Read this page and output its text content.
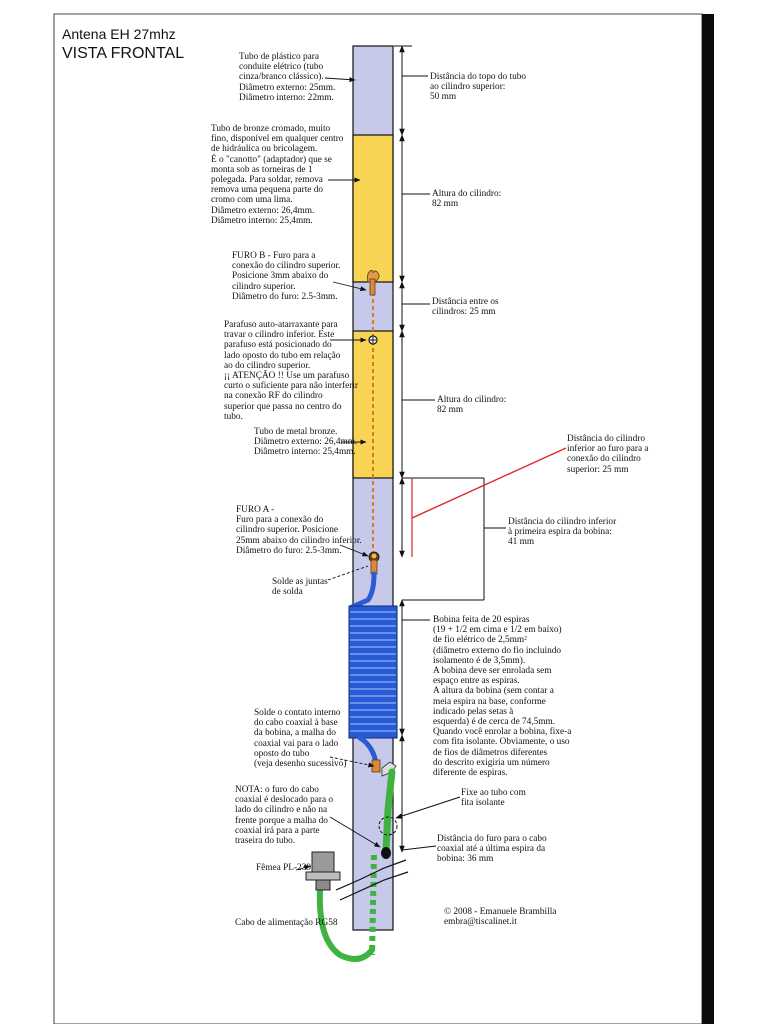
Antena EH 27mhz
VISTA FRONTAL	Tubo de plástico para
conduite elétrico (tubo
cinza/branco clássico).
Diâmetro externo: 25mm.
Diâmetro interno: 22mm.
Tubo de bronze cromado, muito
fino, disponível em qualquer centro
de hidráulica ou bricolagem.
É o "canotto" (adaptador) que se
monta sob as torneiras de 1
polegada. Para soldar, remova
remova uma pequena parte do
cromo com uma lima.
Diâmetro externo: 26,4mm.
Diâmetro interno: 25,4mm.
FURO B - Furo para a
conexão do cilindro superior.
Posicione 3mm abaixo do
cilindro superior.
Diâmetro do furo: 2.5-3mm.
Parafuso auto-atarraxante para
travar o cilindro inferior. Este
parafuso está posicionado do
lado oposto do tubo em relação
ao do cilindro superior.
¡¡ ATENÇÃO !! Use um parafuso
curto o suficiente para não interferir
na conexão RF do cilindro
superior que passa no centro do
tubo.
Tubo de metal bronze.
Diâmetro externo: 26,4mm.
Diâmetro interno: 25,4mm.
FURO A -
Furo para a conexão do
cilindro superior. Posicione
25mm abaixo do cilindro inferior.
Diâmetro do furo: 2.5-3mm.
Solde as juntas
de solda
Solde o contato interno
do cabo coaxial à base
da bobina, a malha do
coaxial vai para o lado
oposto do tubo
(veja desenho sucessivo)
NOTA: o furo do cabo
coaxial é deslocado para o
lado do cilindro e não na
frente porque a malha do
coaxial irá para a parte
traseira do tubo.
Fêmea PL-239
Cabo de alimentação RG58
Distância do topo do tubo
ao cilindro superior:
50 mm
Altura do cilindro:
82 mm
Distância entre os
cilindros: 25 mm
Altura do cilindro:
82 mm
Distância do cilindro
inferior ao furo para a
conexão do cilindro
superior: 25 mm
Distância do cilindro inferior
à primeira espira da bobina:
41 mm
Bobina feita de 20 espiras
(19 + 1/2 em cima e 1/2 em baixo)
de fio elétrico de 2,5mm²
(diâmetro externo do fio incluindo
isolamento é de 3,5mm).
A bobina deve ser enrolada sem
espaço entre as espiras.
A altura da bobina (sem contar a
meia espira na base, conforme
indicado pelas setas à
esquerda) é de cerca de 74,5mm.
Quando você enrolar a bobina, fixe-a
com fita isolante. Obviamente, o uso
de fios de diâmetros diferentes
do descrito exigiria um número
diferente de espiras.
Fixe ao tubo com
fita isolante
Distância do furo para o cabo
coaxial até a última espira da
bobina: 36 mm
© 2008 - Emanuele Brambilla
embra@tiscalinet.it
